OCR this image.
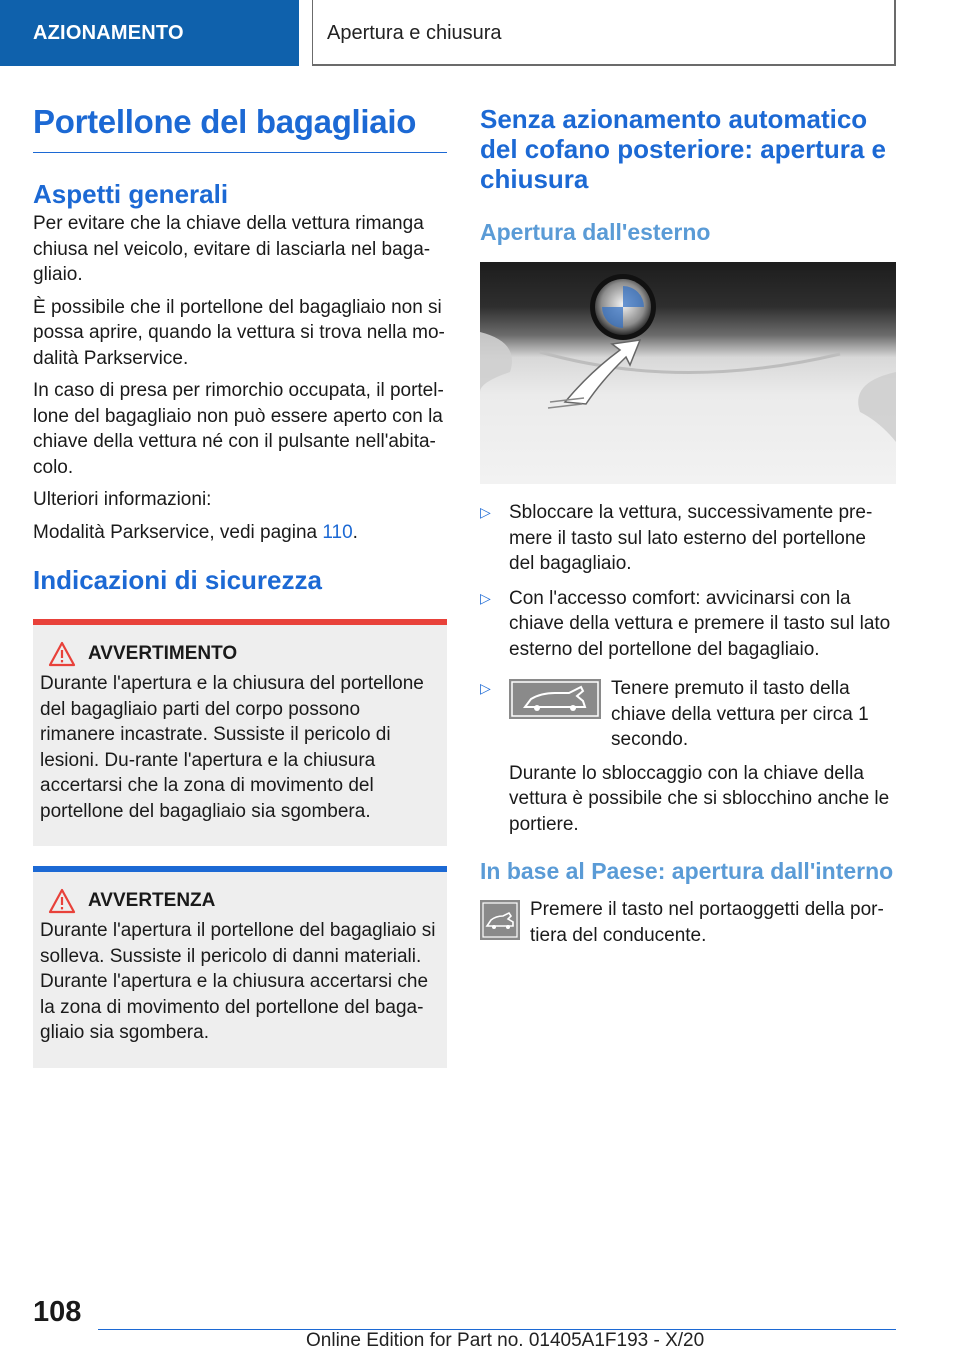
AZIONAMENTO	Apertura e chiusura
Portellone del bagagliaio
Aspetti generali

Per evitare che la chiave della vettura rimanga chiusa nel veicolo, evitare di lasciarla nel baga‐gliaio.

È possibile che il portellone del bagagliaio non si possa aprire, quando la vettura si trova nella mo‐dalità Parkservice.

In caso di presa per rimorchio occupata, il portel‐lone del bagagliaio non può essere aperto con la chiave della vettura né con il pulsante nell'abita‐colo.

Ulteriori informazioni:

Modalità Parkservice, vedi pagina 110.

Indicazioni di sicurezza
AVVERTIMENTO
Durante l'apertura e la chiusura del portellone del bagagliaio parti del corpo possono rimanere incastrate. Sussiste il pericolo di lesioni. Du‐rante l'apertura e la chiusura accertarsi che la zona di movimento del portellone del bagagliaio sia sgombera.
AVVERTENZA
Durante l'apertura il portellone del bagagliaio si solleva. Sussiste il pericolo di danni materiali. Durante l'apertura e la chiusura accertarsi che la zona di movimento del portellone del baga‐gliaio sia sgombera.
Senza azionamento automatico del cofano posteriore: apertura e chiusura
Apertura dall'esterno
▷ Sbloccare la vettura, successivamente pre‐mere il tasto sul lato esterno del portellone del bagagliaio.

▷ Con l'accesso comfort: avvicinarsi con la chiave della vettura e premere il tasto sul lato esterno del portellone del bagagliaio.

▷	Tenere premuto il tasto della chiave della vettura per circa 1 secondo.

Durante lo sbloccaggio con la chiave della vettura è possibile che si sblocchino anche le portiere.

In base al Paese: apertura dall'interno

Premere il tasto nel portaoggetti della por‐tiera del conducente.

108
Online Edition for Part no. 01405A1F193 - X/20
